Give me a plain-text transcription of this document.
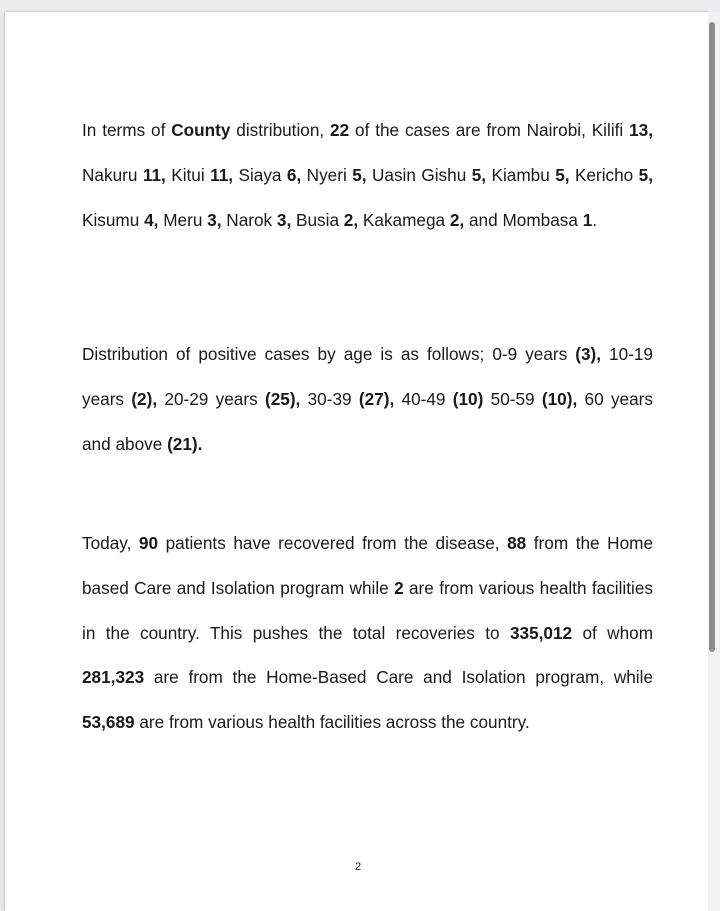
In terms of County distribution, 22 of the cases are from Nairobi, Kilifi 13, Nakuru 11, Kitui 11, Siaya 6, Nyeri 5, Uasin Gishu 5, Kiambu 5, Kericho 5, Kisumu 4, Meru 3, Narok 3, Busia 2, Kakamega 2, and Mombasa 1.

Distribution of positive cases by age is as follows; 0-9 years (3), 10-19 years (2), 20-29 years (25), 30-39 (27), 40-49 (10) 50-59 (10), 60 years and above (21).

Today, 90 patients have recovered from the disease, 88 from the Home based Care and Isolation program while 2 are from various health facilities in the country. This pushes the total recoveries to 335,012 of whom 281,323 are from the Home-Based Care and Isolation program, while 53,689 are from various health facilities across the country.

2
